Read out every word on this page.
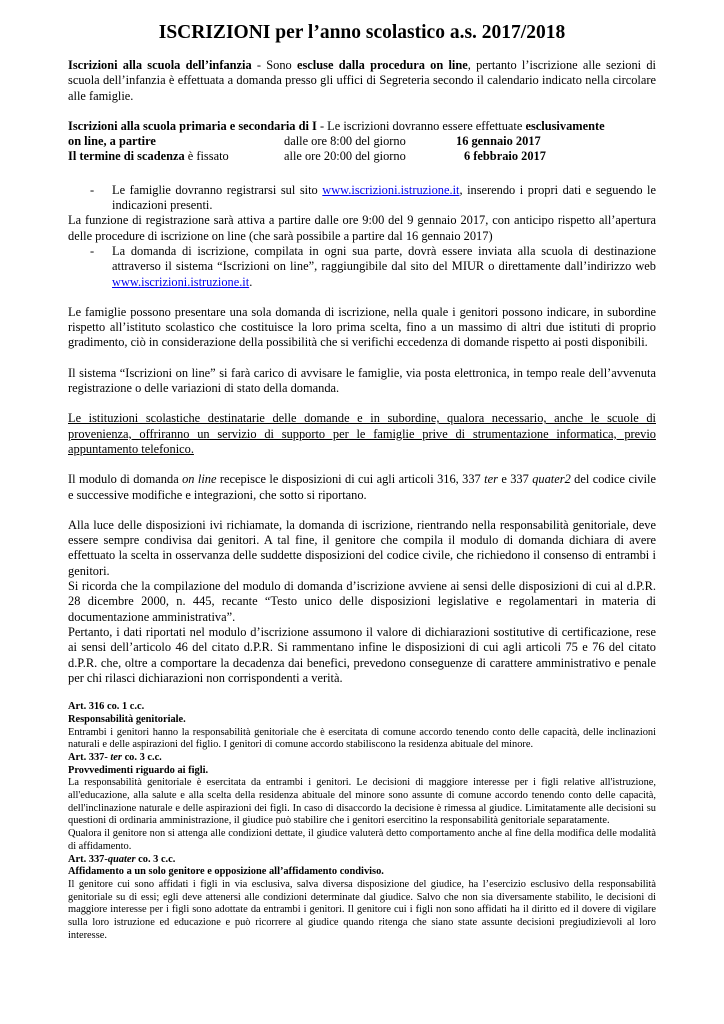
ISCRIZIONI per l’anno scolastico a.s. 2017/2018

Iscrizioni alla scuola dell’infanzia - Sono escluse dalla procedura on line, pertanto l’iscrizione alle sezioni di scuola dell’infanzia è effettuata a domanda presso gli uffici di Segreteria secondo il calendario indicato nella circolare alle famiglie.

Iscrizioni alla scuola primaria e secondaria di I - Le iscrizioni dovranno essere effettuate esclusivamente

on line, a partire	dalle ore 8:00 del giorno	16 gennaio 2017
Il termine di scadenza è fissato	alle ore 20:00 del giorno	6 febbraio 2017
-	Le famiglie dovranno registrarsi sul sito www.iscrizioni.istruzione.it, inserendo i propri dati e seguendo le indicazioni presenti.

La funzione di registrazione sarà attiva a partire dalle ore 9:00 del 9 gennaio 2017, con anticipo rispetto all’apertura delle procedure di iscrizione on line (che sarà possibile a partire dal 16 gennaio 2017)

-	La domanda di iscrizione, compilata in ogni sua parte, dovrà essere inviata alla scuola di destinazione attraverso il sistema “Iscrizioni on line”, raggiungibile dal sito del MIUR o direttamente dall’indirizzo web www.iscrizioni.istruzione.it.

Le famiglie possono presentare una sola domanda di iscrizione, nella quale i genitori possono indicare, in subordine rispetto all’istituto scolastico che costituisce la loro prima scelta, fino a un massimo di altri due istituti di proprio gradimento, ciò in considerazione della possibilità che si verifichi eccedenza di domande rispetto ai posti disponibili.

Il sistema “Iscrizioni on line” si farà carico di avvisare le famiglie, via posta elettronica, in tempo reale dell’avvenuta registrazione o delle variazioni di stato della domanda.

Le istituzioni scolastiche destinatarie delle domande e in subordine, qualora necessario, anche le scuole di provenienza, offriranno un servizio di supporto per le famiglie prive di strumentazione informatica, previo appuntamento telefonico.

Il modulo di domanda on line recepisce le disposizioni di cui agli articoli 316, 337 ter e 337 quater2 del codice civile e successive modifiche e integrazioni, che sotto si riportano.

Alla luce delle disposizioni ivi richiamate, la domanda di iscrizione, rientrando nella responsabilità genitoriale, deve essere sempre condivisa dai genitori. A tal fine, il genitore che compila il modulo di domanda dichiara di avere effettuato la scelta in osservanza delle suddette disposizioni del codice civile, che richiedono il consenso di entrambi i genitori.

Si ricorda che la compilazione del modulo di domanda d’iscrizione avviene ai sensi delle disposizioni di cui al d.P.R. 28 dicembre 2000, n. 445, recante “Testo unico delle disposizioni legislative e regolamentari in materia di documentazione amministrativa”.

Pertanto, i dati riportati nel modulo d’iscrizione assumono il valore di dichiarazioni sostitutive di certificazione, rese ai sensi dell’articolo 46 del citato d.P.R. Si rammentano infine le disposizioni di cui agli articoli 75 e 76 del citato d.P.R. che, oltre a comportare la decadenza dai benefici, prevedono conseguenze di carattere amministrativo e penale per chi rilasci dichiarazioni non corrispondenti a verità.

Art. 316 co. 1 c.c.

Responsabilità genitoriale.

Entrambi i genitori hanno la responsabilità genitoriale che è esercitata di comune accordo tenendo conto delle capacità, delle inclinazioni naturali e delle aspirazioni del figlio. I genitori di comune accordo stabiliscono la residenza abituale del minore.

Art. 337- ter co. 3 c.c.

Provvedimenti riguardo ai figli.

La responsabilità genitoriale è esercitata da entrambi i genitori. Le decisioni di maggiore interesse per i figli relative all'istruzione, all'educazione, alla salute e alla scelta della residenza abituale del minore sono assunte di comune accordo tenendo conto delle capacità, dell'inclinazione naturale e delle aspirazioni dei figli. In caso di disaccordo la decisione è rimessa al giudice. Limitatamente alle decisioni su questioni di ordinaria amministrazione, il giudice può stabilire che i genitori esercitino la responsabilità genitoriale separatamente.

Qualora il genitore non si attenga alle condizioni dettate, il giudice valuterà detto comportamento anche al fine della modifica delle modalità di affidamento.

Art. 337-quater co. 3 c.c.

Affidamento a un solo genitore e opposizione all’affidamento condiviso.

Il genitore cui sono affidati i figli in via esclusiva, salva diversa disposizione del giudice, ha l’esercizio esclusivo della responsabilità genitoriale su di essi; egli deve attenersi alle condizioni determinate dal giudice. Salvo che non sia diversamente stabilito, le decisioni di maggiore interesse per i figli sono adottate da entrambi i genitori. Il genitore cui i figli non sono affidati ha il diritto ed il dovere di vigilare sulla loro istruzione ed educazione e può ricorrere al giudice quando ritenga che siano state assunte decisioni pregiudizievoli al loro interesse.
